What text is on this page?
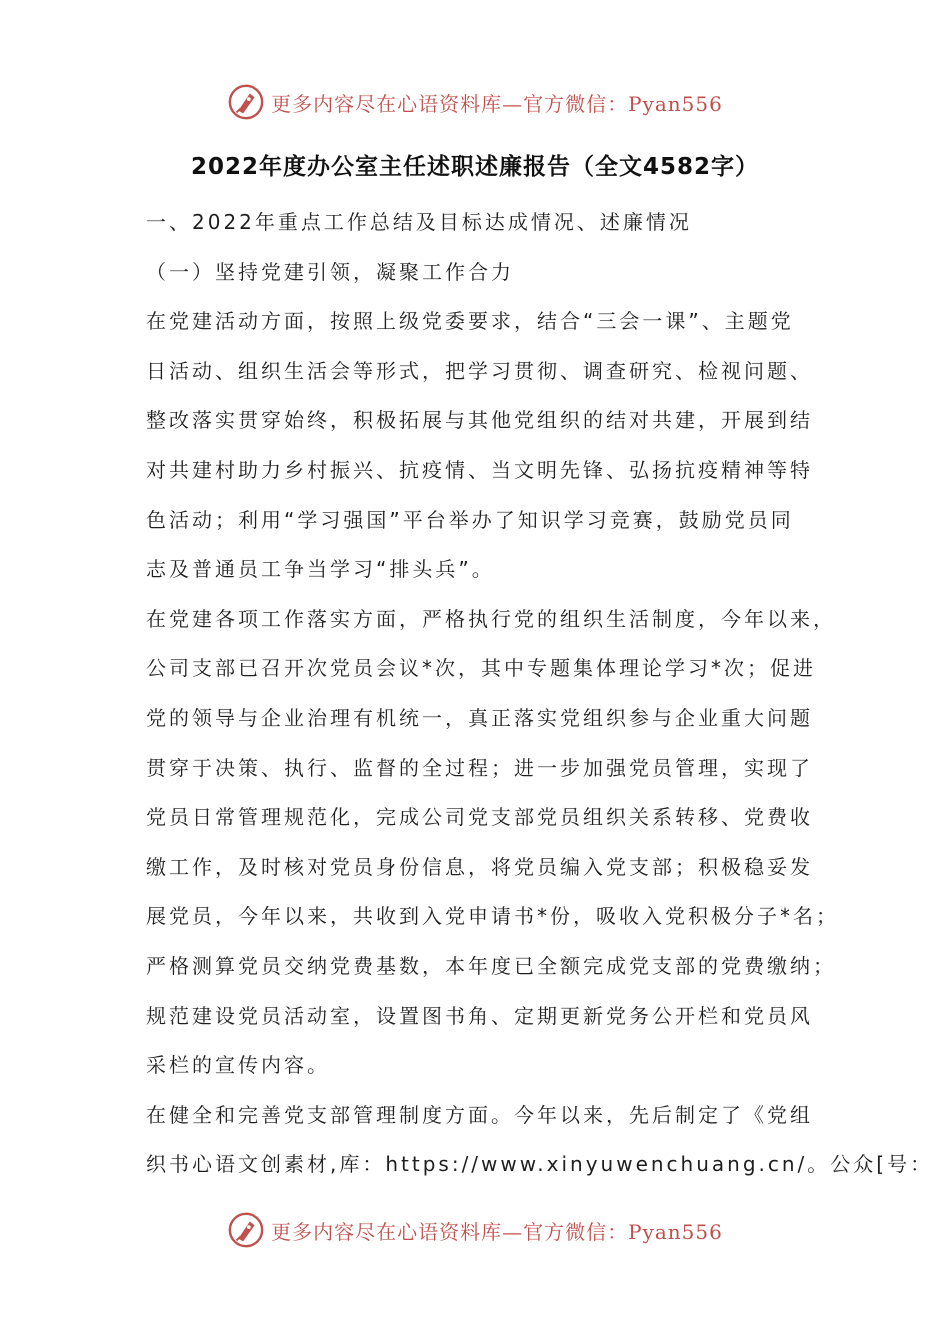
更多内容尽在心语资料库—官方微信：Pyan556
2022年度办公室主任述职述廉报告（全文4582字）

一、2022年重点工作总结及目标达成情况、述廉情况

（一）坚持党建引领，凝聚工作合力

在党建活动方面，按照上级党委要求，结合“三会一课”、主题党

日活动、组织生活会等形式，把学习贯彻、调查研究、检视问题、

整改落实贯穿始终，积极拓展与其他党组织的结对共建，开展到结

对共建村助力乡村振兴、抗疫情、当文明先锋、弘扬抗疫精神等特

色活动；利用“学习强国”平台举办了知识学习竞赛，鼓励党员同

志及普通员工争当学习“排头兵”。

在党建各项工作落实方面，严格执行党的组织生活制度，今年以来，

公司支部已召开次党员会议*次，其中专题集体理论学习*次；促进

党的领导与企业治理有机统一，真正落实党组织参与企业重大问题

贯穿于决策、执行、监督的全过程；进一步加强党员管理，实现了

党员日常管理规范化，完成公司党支部党员组织关系转移、党费收

缴工作，及时核对党员身份信息，将党员编入党支部；积极稳妥发

展党员，今年以来，共收到入党申请书*份，吸收入党积极分子*名；

严格测算党员交纳党费基数，本年度已全额完成党支部的党费缴纳；

规范建设党员活动室，设置图书角、定期更新党务公开栏和党员风

采栏的宣传内容。

在健全和完善党支部管理制度方面。今年以来，先后制定了《党组

织书心语文创素材,库：https://www.xinyuwenchuang.cn/。公众[号：

更多内容尽在心语资料库—官方微信：Pyan556
